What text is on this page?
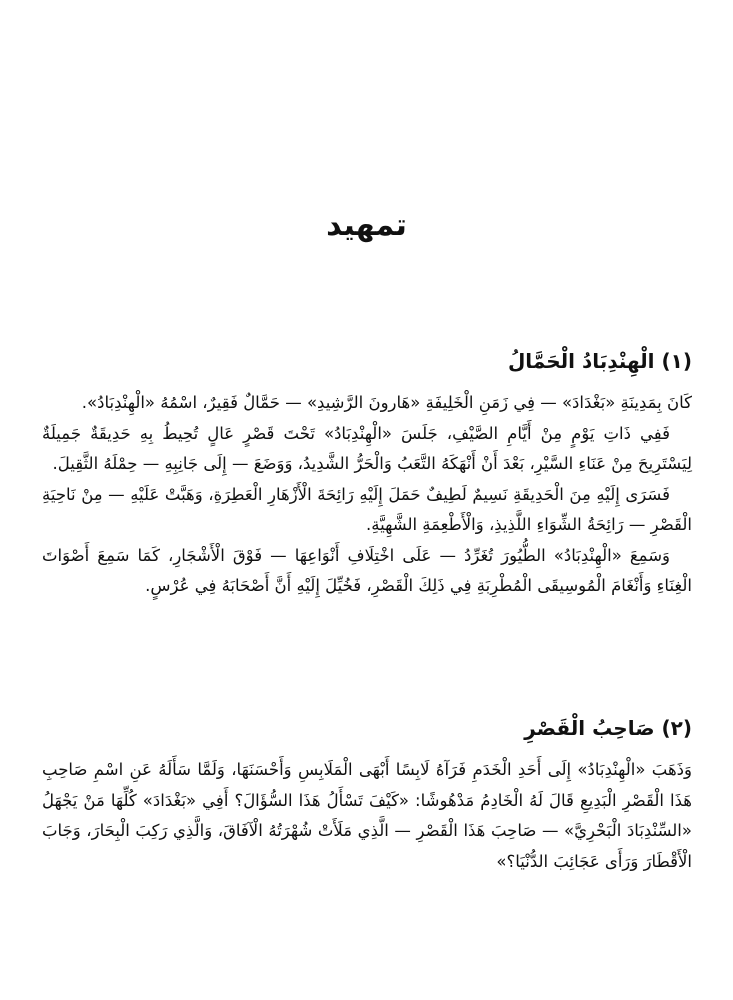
تمهيد
(١) الْهِنْدِبَادُ الْحَمَّالُ

كَانَ بِمَدِينَةِ «بَغْدَادَ» — فِي زَمَنِ الْخَلِيفَةِ «هَارونَ الرَّشِيدِ» — حَمَّالٌ فَقِيرٌ، اسْمُهُ «الْهِنْدِبَادُ».

فَفِي ذَاتِ يَوْمٍ مِنْ أَيَّامِ الصَّيْفِ، جَلَسَ «الْهِنْدِبَادُ» تَحْتَ قَصْرٍ عَالٍ تُحِيطُ بِهِ حَدِيقَةٌ جَمِيلَةٌ لِيَسْتَرِيحَ مِنْ عَنَاءِ السَّيْرِ، بَعْدَ أَنْ أَنْهَكَهُ التَّعَبُ وَالْحَرُّ الشَّدِيدُ، وَوَضَعَ — إِلَى جَانِبِهِ — حِمْلَهُ الثَّقِيلَ.

فَسَرَى إِلَيْهِ مِنَ الْحَدِيقَةِ نَسِيمٌ لَطِيفٌ حَمَلَ إِلَيْهِ رَائِحَةَ الْأَزْهَارِ الْعَطِرَةِ، وَهَبَّتْ عَلَيْهِ — مِنْ نَاحِيَةِ الْقَصْرِ — رَائِحَةُ الشِّوَاءِ اللَّذِيذِ، وَالْأَطْعِمَةِ الشَّهِيَّةِ.

وَسَمِعَ «الْهِنْدِبَادُ» الطُّيُورَ تُغَرِّدُ — عَلَى اخْتِلَافِ أَنْوَاعِهَا — فَوْقَ الْأَشْجَارِ، كَمَا سَمِعَ أَصْوَاتَ الْغِنَاءِ وَأَنْغَامَ الْمُوسِيقَى الْمُطْرِبَةِ فِي ذَلِكَ الْقَصْرِ، فَخُيِّلَ إِلَيْهِ أَنَّ أَصْحَابَهُ فِي عُرْسٍ.

(٢) صَاحِبُ الْقَصْرِ

وَذَهَبَ «الْهِنْدِبَادُ» إِلَى أَحَدِ الْخَدَمِ فَرَآهُ لَابِسًا أَبْهَى الْمَلَابِسِ وَأَحْسَنَهَا، وَلَمَّا سَأَلَهُ عَنِ اسْمِ صَاحِبِ هَذَا الْقَصْرِ الْبَدِيعِ قَالَ لَهُ الْخَادِمُ مَدْهُوشًا: «كَيْفَ تَسْأَلُ هَذَا السُّؤَالَ؟ أَفِي «بَغْدَادَ» كُلِّهَا مَنْ يَجْهَلُ «السِّنْدِبَادَ الْبَحْرِيَّ» — صَاحِبَ هَذَا الْقَصْرِ — الَّذِي مَلَأَتْ شُهْرَتُهُ الْآفَاقَ، وَالَّذِي رَكِبَ الْبِحَارَ، وَجَابَ الْأَقْطَارَ وَرَأَى عَجَائِبَ الدُّنْيَا؟»
